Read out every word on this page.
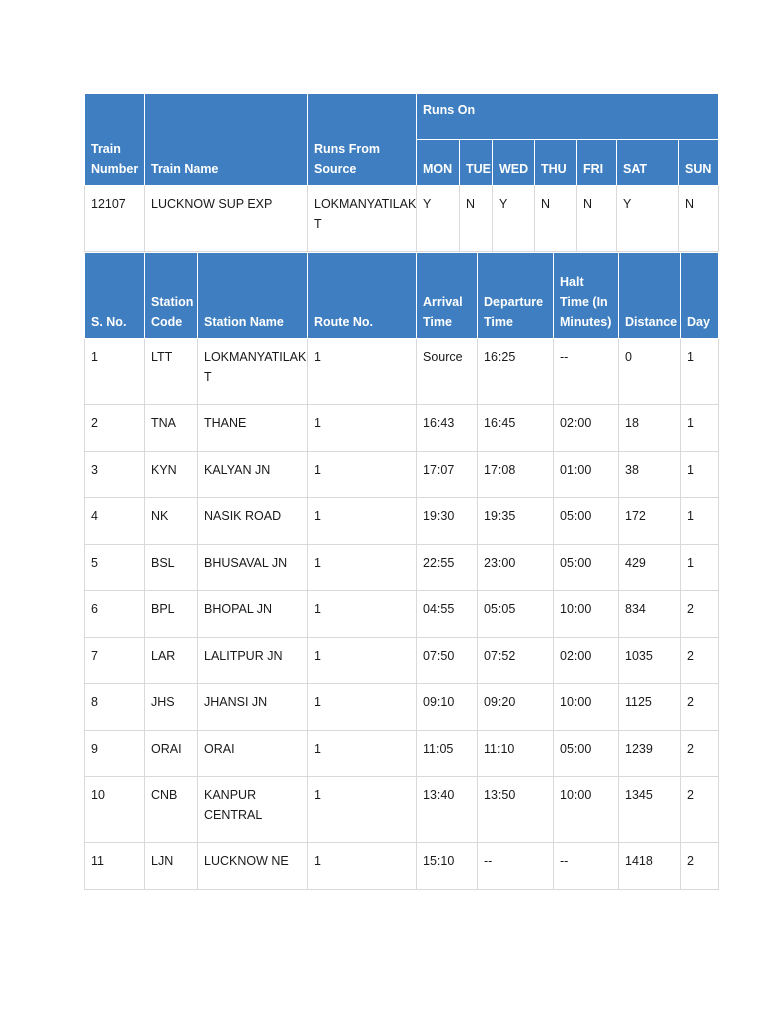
Train Number	Train Name	Runs From Source	Runs On						
			MON	TUE	WED	THU	FRI	SAT	SUN
12107	LUCKNOW SUP EXP	LOKMANYATILAK T	Y	N	Y	N	N	Y	N
S. No.	Station Code	Station Name	Route No.	Arrival Time	Departure Time	Halt Time (In Minutes)	Distance	Day
1	LTT	LOKMANYATILAK T	1	Source	16:25	--	0	1
2	TNA	THANE	1	16:43	16:45	02:00	18	1
3	KYN	KALYAN JN	1	17:07	17:08	01:00	38	1
4	NK	NASIK ROAD	1	19:30	19:35	05:00	172	1
5	BSL	BHUSAVAL JN	1	22:55	23:00	05:00	429	1
6	BPL	BHOPAL JN	1	04:55	05:05	10:00	834	2
7	LAR	LALITPUR JN	1	07:50	07:52	02:00	1035	2
8	JHS	JHANSI JN	1	09:10	09:20	10:00	1125	2
9	ORAI	ORAI	1	11:05	11:10	05:00	1239	2
10	CNB	KANPUR CENTRAL	1	13:40	13:50	10:00	1345	2
11	LJN	LUCKNOW NE	1	15:10	--	--	1418	2
